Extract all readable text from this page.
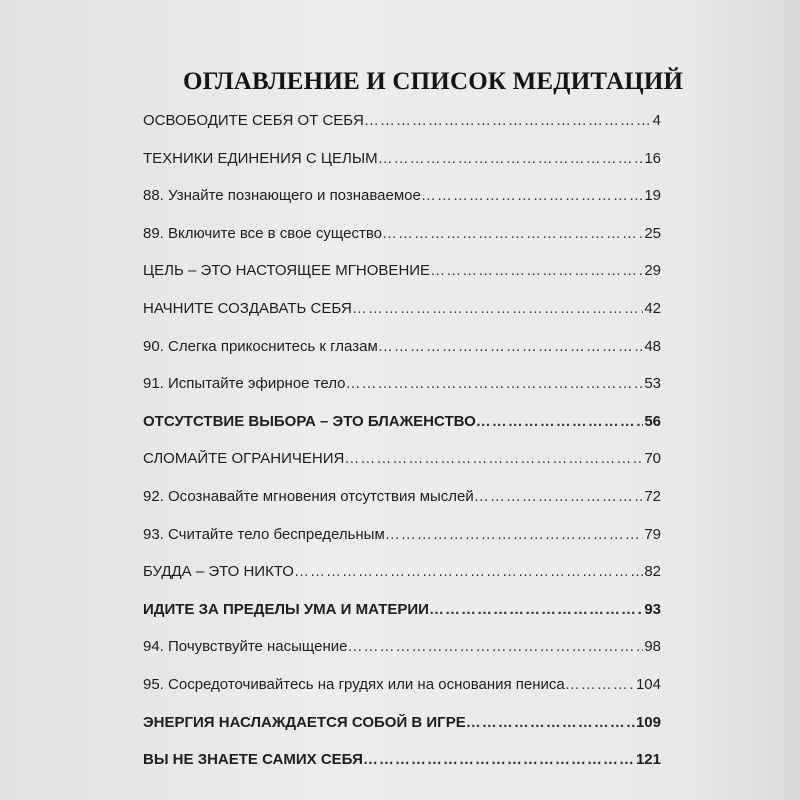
ОГЛАВЛЕНИЕ И СПИСОК МЕДИТАЦИЙ
ОСВОБОДИТЕ СЕБЯ ОТ СЕБЯ ……………………………………………………………………………………………………………………	4
ТЕХНИКИ ЕДИНЕНИЯ С ЦЕЛЫМ ……………………………………………………………………………………………………………………	16
88. Узнайте познающего и познаваемое ……………………………………………………………………………………………………………………	19
89. Включите все в свое существо ……………………………………………………………………………………………………………………	25
ЦЕЛЬ – ЭТО НАСТОЯЩЕЕ МГНОВЕНИЕ ……………………………………………………………………………………………………………………	29
НАЧНИТЕ СОЗДАВАТЬ СЕБЯ ……………………………………………………………………………………………………………………	42
90. Слегка прикоснитесь к глазам ……………………………………………………………………………………………………………………	48
91. Испытайте эфирное тело ……………………………………………………………………………………………………………………	53
ОТСУТСТВИЕ ВЫБОРА – ЭТО БЛАЖЕНСТВО ……………………………………………………………………………………………………………………	56
СЛОМАЙТЕ ОГРАНИЧЕНИЯ ……………………………………………………………………………………………………………………	70
92. Осознавайте мгновения отсутствия мыслей ……………………………………………………………………………………………………………………	72
93. Считайте тело беспредельным ……………………………………………………………………………………………………………………	79
БУДДА – ЭТО НИКТО ……………………………………………………………………………………………………………………	82
ИДИТЕ ЗА ПРЕДЕЛЫ УМА И МАТЕРИИ ……………………………………………………………………………………………………………………	93
94. Почувствуйте насыщение ……………………………………………………………………………………………………………………	98
95. Сосредоточивайтесь на грудях или на основания пениса ……………………………………………………………………………………………………………………	104
ЭНЕРГИЯ НАСЛАЖДАЕТСЯ СОБОЙ В ИГРЕ ……………………………………………………………………………………………………………………	109
ВЫ НЕ ЗНАЕТЕ САМИХ СЕБЯ ……………………………………………………………………………………………………………………	121
